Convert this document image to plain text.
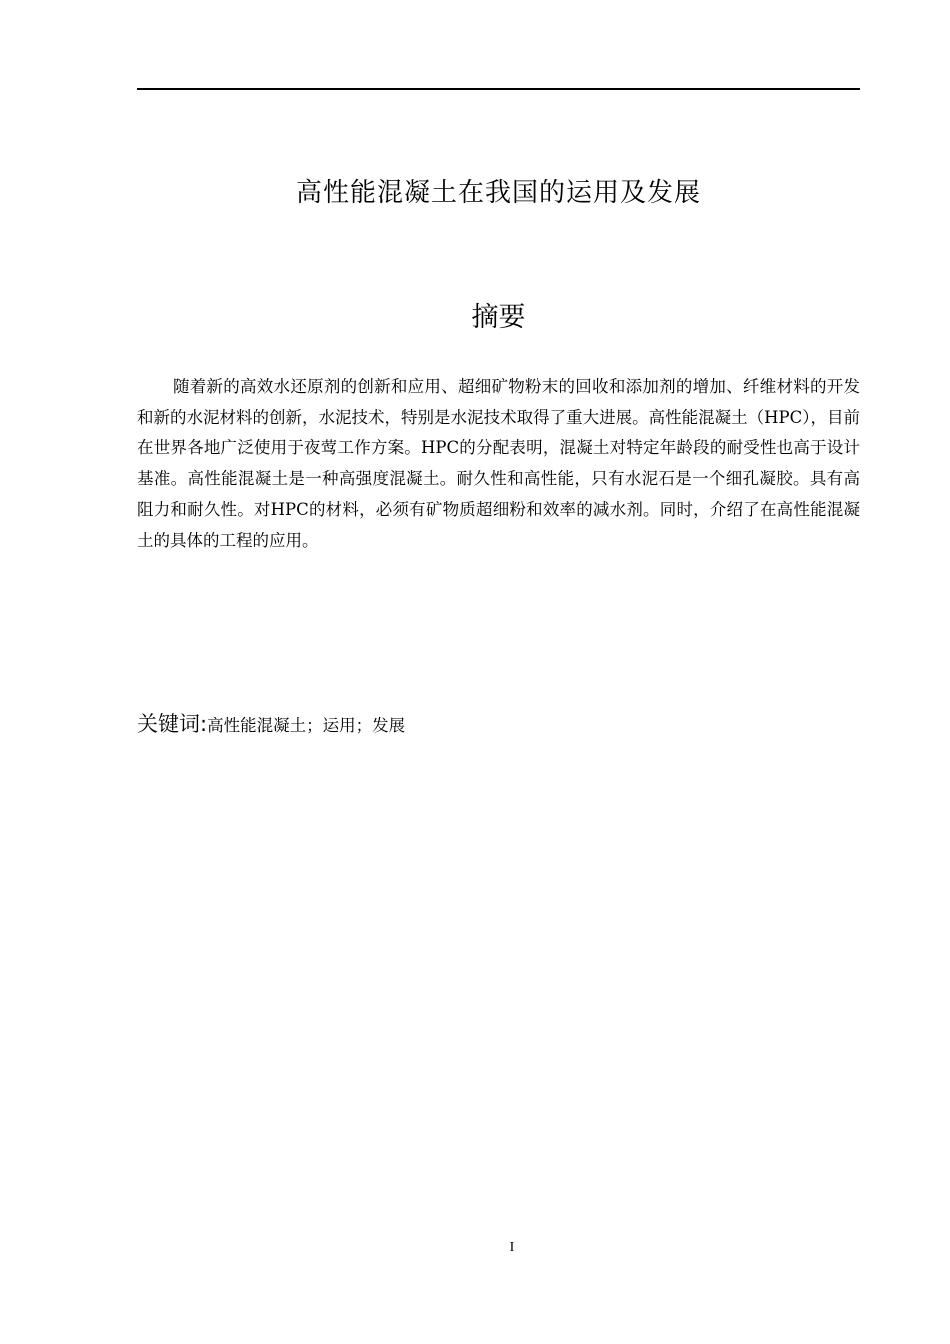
高性能混凝土在我国的运用及发展
摘要

随着新的高效水还原剂的创新和应用、超细矿物粉末的回收和添加剂的增加、纤维材料的开发和新的水泥材料的创新，水泥技术，特别是水泥技术取得了重大进展。高性能混凝土（HPC），目前在世界各地广泛使用于夜莺工作方案。HPC的分配表明，混凝土对特定年龄段的耐受性也高于设计基准。高性能混凝土是一种高强度混凝土。耐久性和高性能，只有水泥石是一个细孔凝胶。具有高阻力和耐久性。对HPC的材料，必须有矿物质超细粉和效率的减水剂。同时，介绍了在高性能混凝土的具体的工程的应用。

关键词:高性能混凝土；运用；发展
I
